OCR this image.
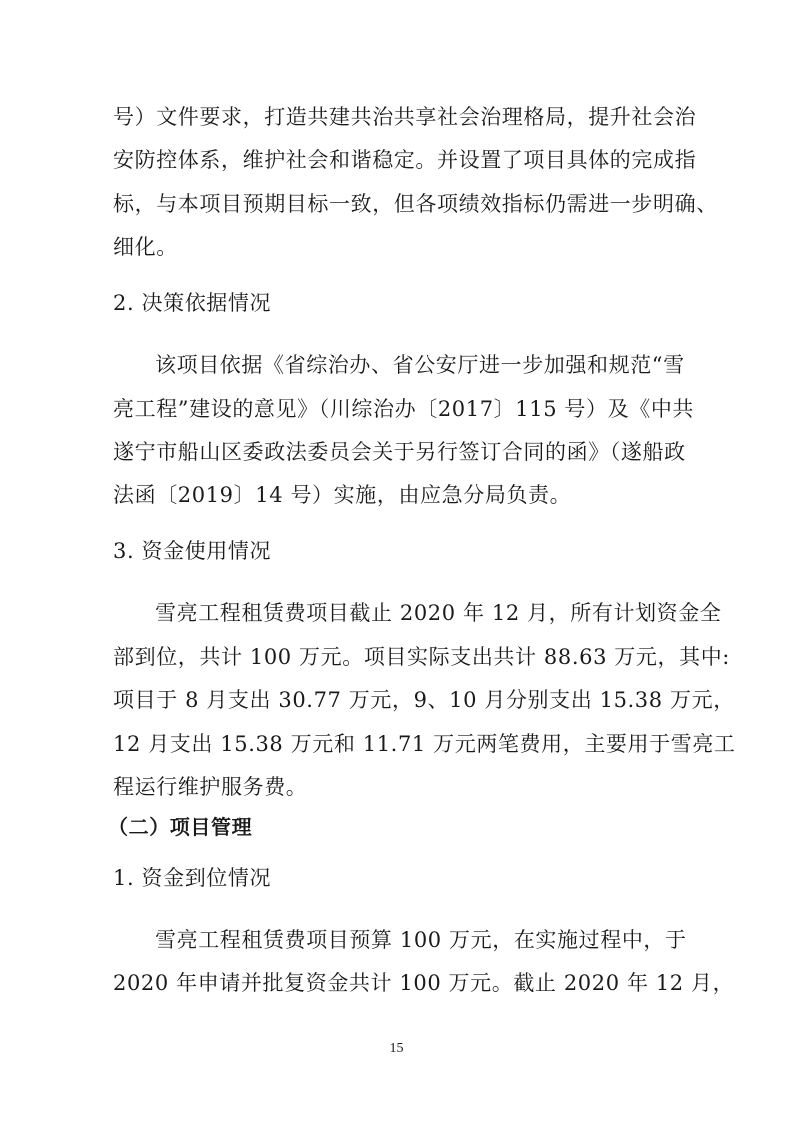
号）文件要求，打造共建共治共享社会治理格局，提升社会治
安防控体系，维护社会和谐稳定。并设置了项目具体的完成指
标，与本项目预期目标一致，但各项绩效指标仍需进一步明确、
细化。
2. 决策依据情况
该项目依据《省综治办、省公安厅进一步加强和规范“雪
亮工程”建设的意见》（川综治办〔2017〕115 号）及《中共
遂宁市船山区委政法委员会关于另行签订合同的函》（遂船政
法函〔2019〕14 号）实施，由应急分局负责。
3. 资金使用情况
雪亮工程租赁费项目截止 2020 年 12 月，所有计划资金全
部到位，共计 100 万元。项目实际支出共计 88.63 万元，其中:
项目于 8 月支出 30.77 万元，9、10 月分别支出 15.38 万元，
12 月支出 15.38 万元和 11.71 万元两笔费用，主要用于雪亮工
程运行维护服务费。
（二）项目管理
1. 资金到位情况
雪亮工程租赁费项目预算 100 万元，在实施过程中，于
2020 年申请并批复资金共计 100 万元。截止 2020 年 12 月，
15
